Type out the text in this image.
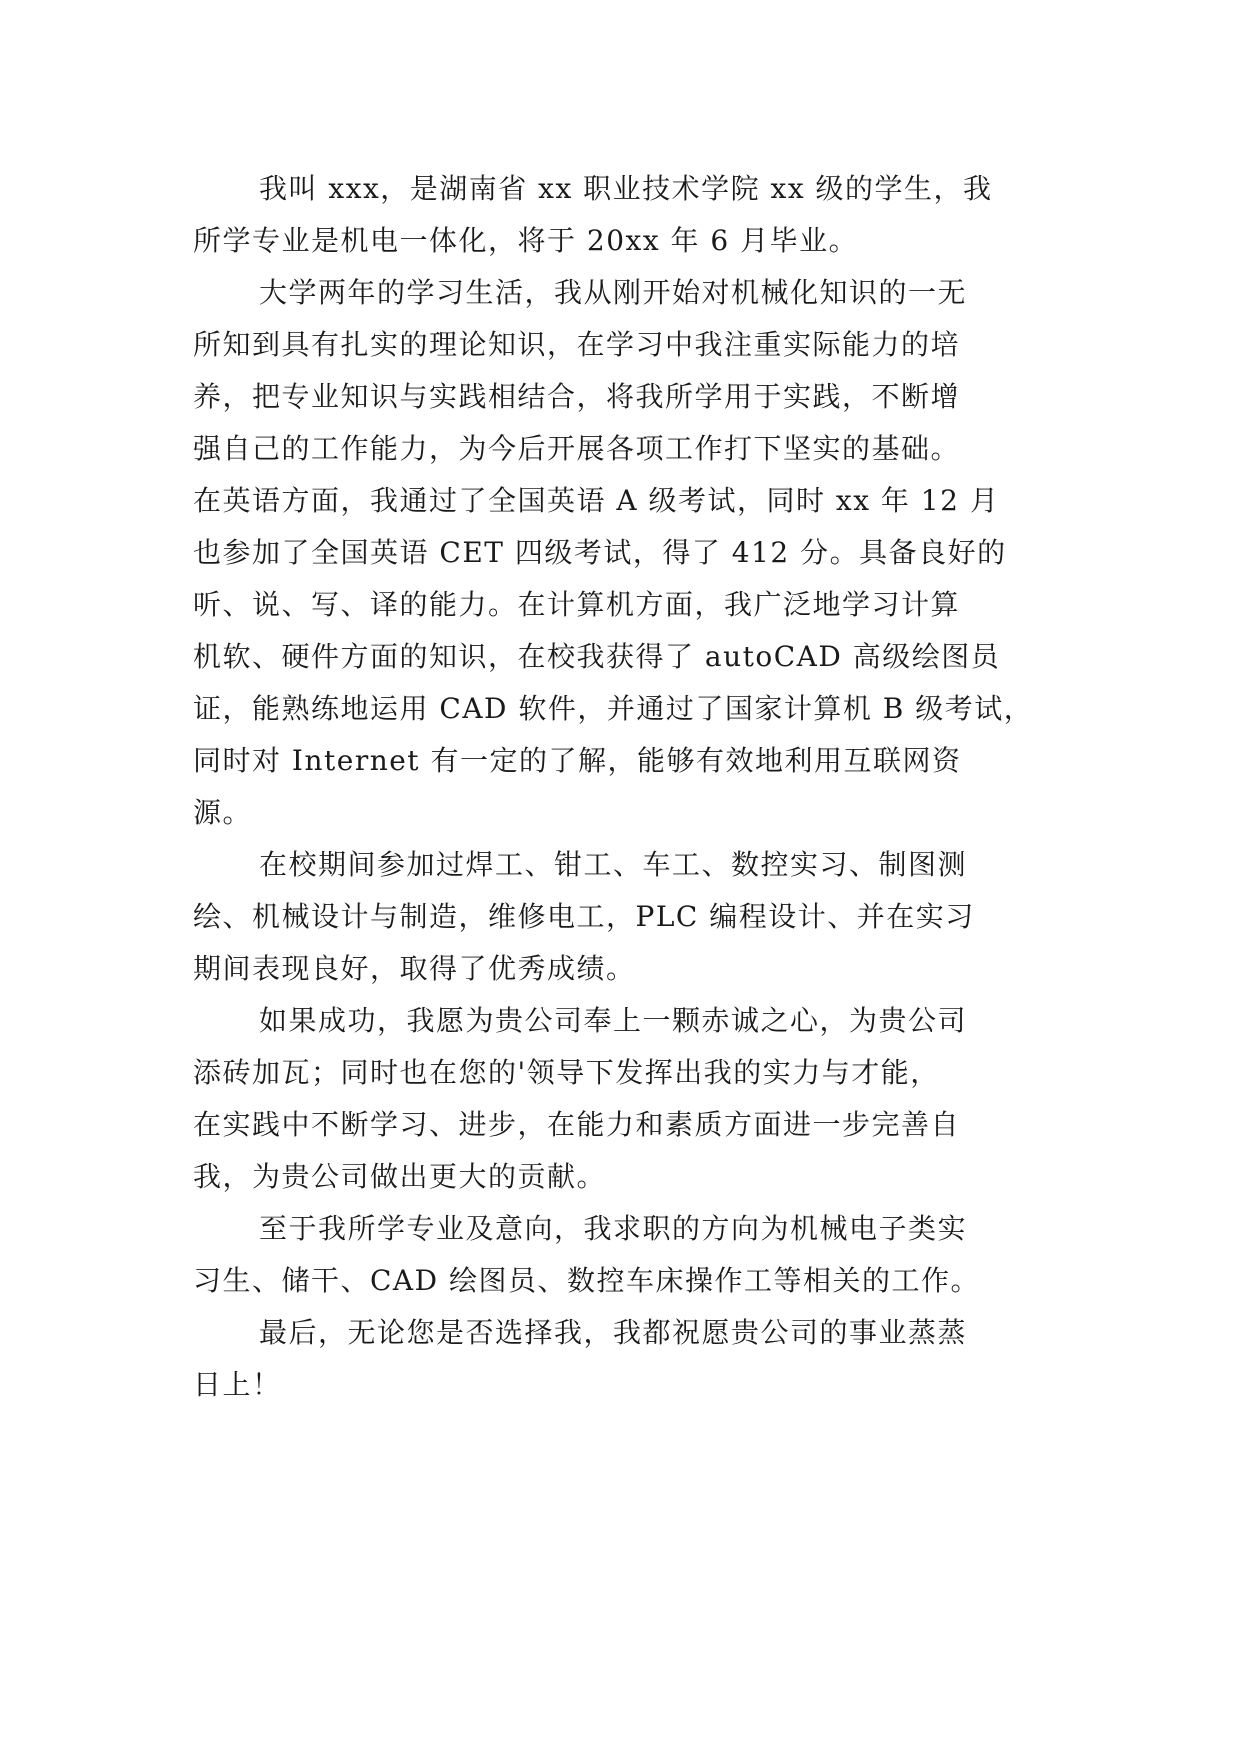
我叫 xxx，是湖南省 xx 职业技术学院 xx 级的学生，我
所学专业是机电一体化，将于 20xx 年 6 月毕业。
大学两年的学习生活，我从刚开始对机械化知识的一无
所知到具有扎实的理论知识，在学习中我注重实际能力的培
养，把专业知识与实践相结合，将我所学用于实践，不断增
强自己的工作能力，为今后开展各项工作打下坚实的基础。
在英语方面，我通过了全国英语 A 级考试，同时 xx 年 12 月
也参加了全国英语 CET 四级考试，得了 412 分。具备良好的
听、说、写、译的能力。在计算机方面，我广泛地学习计算
机软、硬件方面的知识，在校我获得了 autoCAD 高级绘图员
证，能熟练地运用 CAD 软件，并通过了国家计算机 B 级考试，
同时对 Internet 有一定的了解，能够有效地利用互联网资
源。
在校期间参加过焊工、钳工、车工、数控实习、制图测
绘、机械设计与制造，维修电工，PLC 编程设计、并在实习
期间表现良好，取得了优秀成绩。
如果成功，我愿为贵公司奉上一颗赤诚之心，为贵公司
添砖加瓦；同时也在您的'领导下发挥出我的实力与才能，
在实践中不断学习、进步，在能力和素质方面进一步完善自
我，为贵公司做出更大的贡献。
至于我所学专业及意向，我求职的方向为机械电子类实
习生、储干、CAD 绘图员、数控车床操作工等相关的工作。
最后，无论您是否选择我，我都祝愿贵公司的事业蒸蒸
日上！
